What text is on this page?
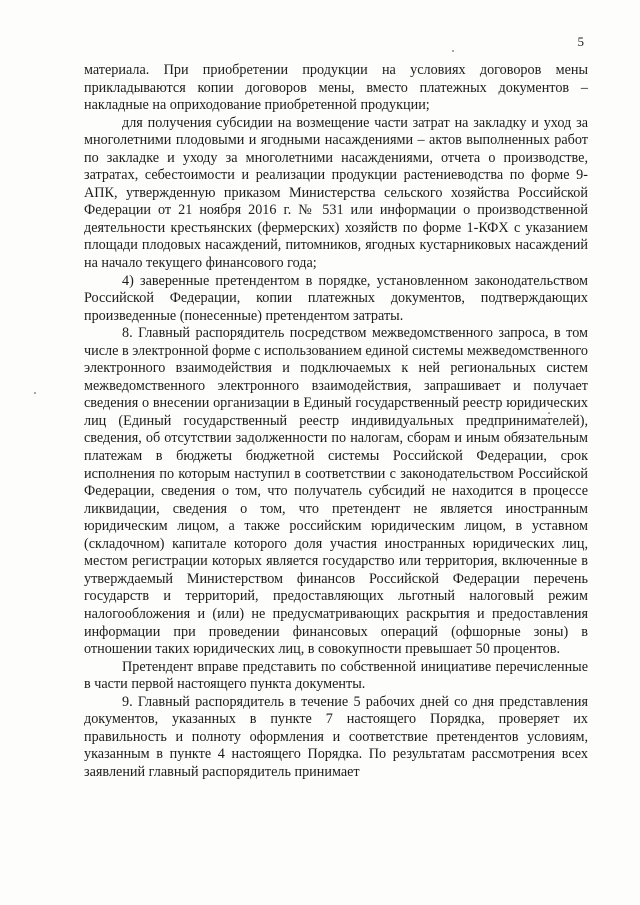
5

материала. При приобретении продукции на условиях договоров мены прикладываются копии договоров мены, вместо платежных документов – накладные на оприходование приобретенной продукции;

для получения субсидии на возмещение части затрат на закладку и уход за многолетними плодовыми и ягодными насаждениями – актов выполненных работ по закладке и уходу за многолетними насаждениями, отчета о производстве, затратах, себестоимости и реализации продукции растениеводства по форме 9-АПК, утвержденную приказом Министерства сельского хозяйства Российской Федерации от 21 ноября 2016 г. № 531 или информации о производственной деятельности крестьянских (фермерских) хозяйств по форме 1-КФХ с указанием площади плодовых насаждений, питомников, ягодных кустарниковых насаждений на начало текущего финансового года;

4) заверенные претендентом в порядке, установленном законодательством Российской Федерации, копии платежных документов, подтверждающих произведенные (понесенные) претендентом затраты.

8. Главный распорядитель посредством межведомственного запроса, в том числе в электронной форме с использованием единой системы межведомственного электронного взаимодействия и подключаемых к ней региональных систем межведомственного электронного взаимодействия, запрашивает и получает сведения о внесении организации в Единый государственный реестр юридических лиц (Единый государственный реестр индивидуальных предпринимателей), сведения, об отсутствии задолженности по налогам, сборам и иным обязательным платежам в бюджеты бюджетной системы Российской Федерации, срок исполнения по которым наступил в соответствии с законодательством Российской Федерации, сведения о том, что получатель субсидий не находится в процессе ликвидации, сведения о том, что претендент не является иностранным юридическим лицом, а также российским юридическим лицом, в уставном (складочном) капитале которого доля участия иностранных юридических лиц, местом регистрации которых является государство или территория, включенные в утверждаемый Министерством финансов Российской Федерации перечень государств и территорий, предоставляющих льготный налоговый режим налогообложения и (или) не предусматривающих раскрытия и предоставления информации при проведении финансовых операций (офшорные зоны) в отношении таких юридических лиц, в совокупности превышает 50 процентов.

Претендент вправе представить по собственной инициативе перечисленные в части первой настоящего пункта документы.

9. Главный распорядитель в течение 5 рабочих дней со дня представления документов, указанных в пункте 7 настоящего Порядка, проверяет их правильность и полноту оформления и соответствие претендентов условиям, указанным в пункте 4 настоящего Порядка. По результатам рассмотрения всех заявлений главный распорядитель принимает
